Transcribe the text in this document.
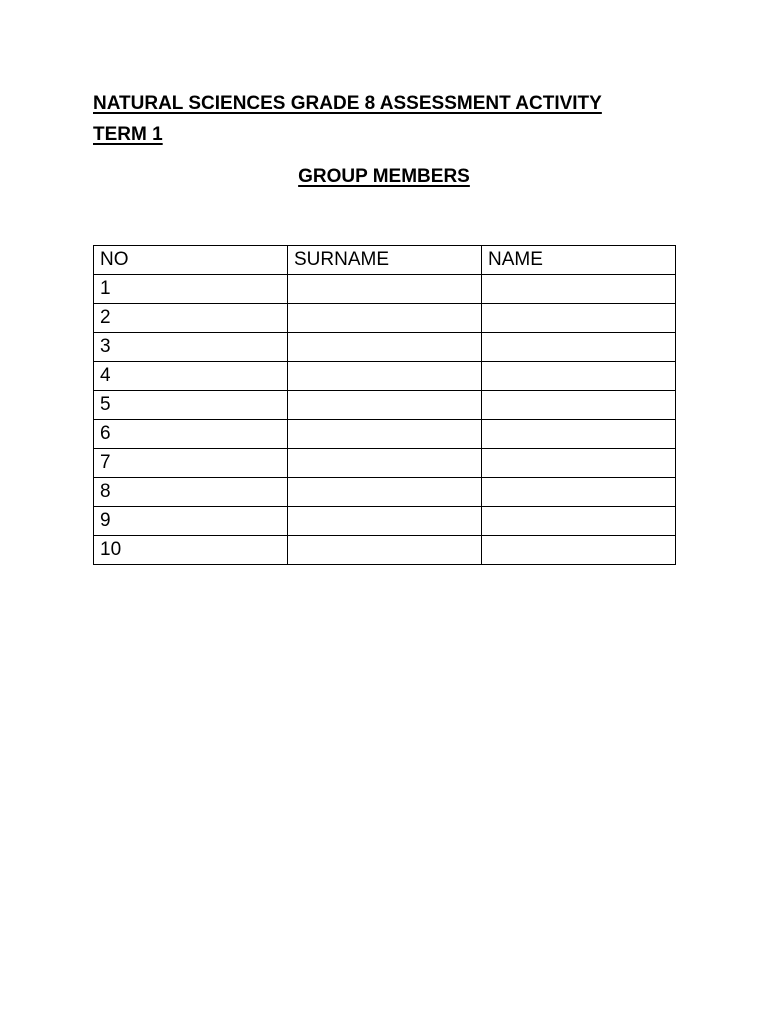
NATURAL SCIENCES GRADE 8 ASSESSMENT ACTIVITY
TERM 1

GROUP MEMBERS

NO	SURNAME	NAME
1		
2		
3		
4		
5		
6		
7		
8		
9		
10		
